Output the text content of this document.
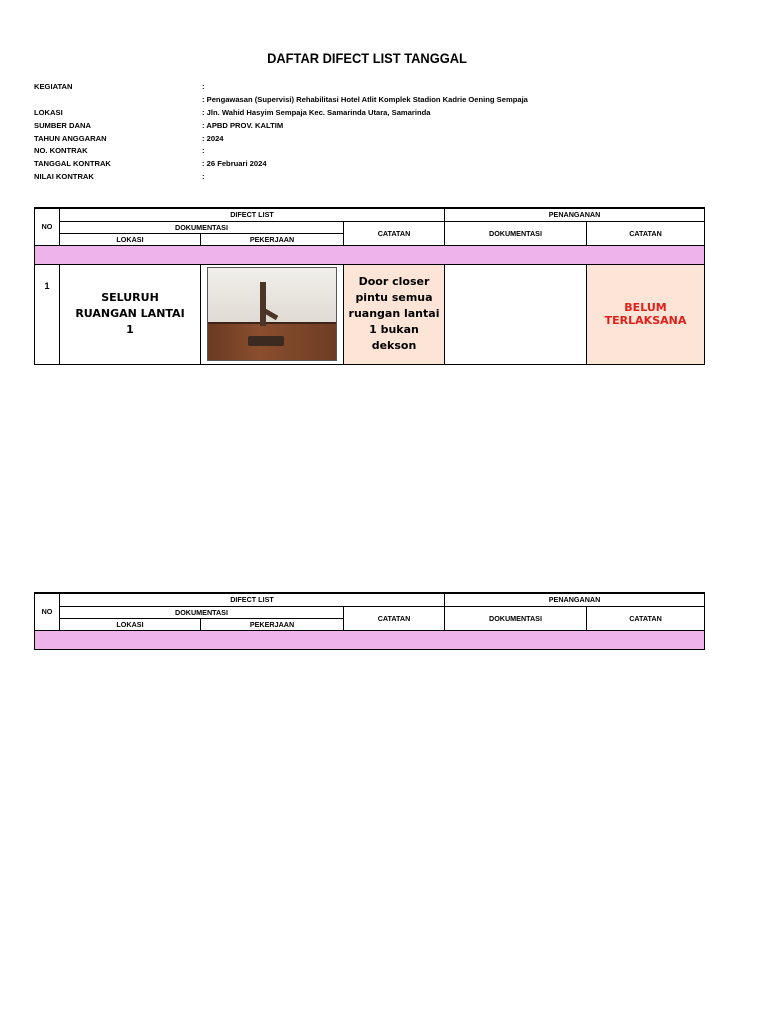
DAFTAR DIFECT LIST TANGGAL
KEGIATAN	:
: Pengawasan (Supervisi) Rehabilitasi Hotel Atlit Komplek Stadion Kadrie Oening Sempaja
LOKASI	: Jln. Wahid Hasyim Sempaja Kec. Samarinda Utara, Samarinda
SUMBER DANA	: APBD PROV. KALTIM
TAHUN ANGGARAN	: 2024
NO. KONTRAK	:
TANGGAL KONTRAK	: 26 Februari 2024
NILAI KONTRAK	:
NO	DIFECT LIST			PENANGANAN	
	DOKUMENTASI		CATATAN	DOKUMENTASI	CATATAN
	LOKASI	PEKERJAAN			

1	SELURUH RUANGAN LANTAI 1		Door closer pintu semua ruangan lantai 1 bukan dekson		BELUM TERLAKSANA
NO	DIFECT LIST			PENANGANAN	
	DOKUMENTASI		CATATAN	DOKUMENTASI	CATATAN
	LOKASI	PEKERJAAN			
